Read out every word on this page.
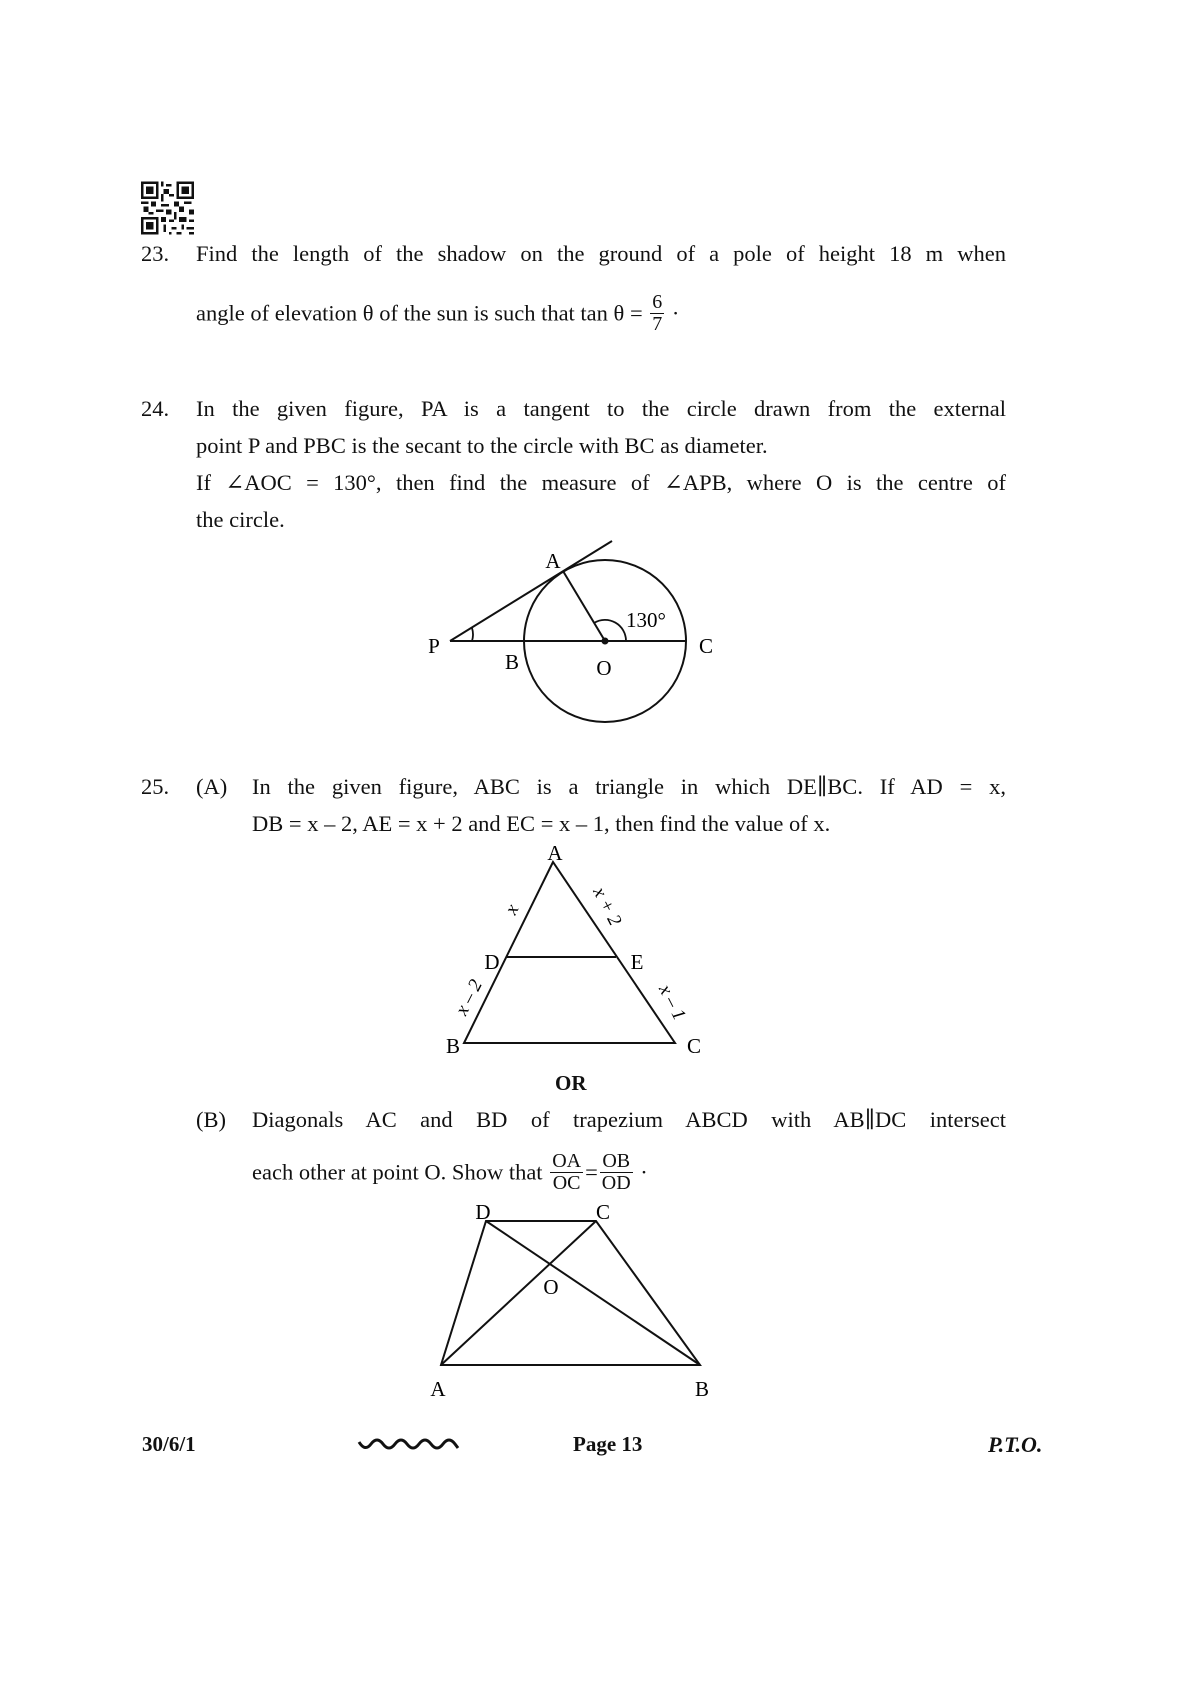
23. Find the length of the shadow on the ground of a pole of height 18 m when
angle of elevation θ of the sun is such that $\tan \theta = \frac{6}{7}$ ·
24. In the given figure, PA is a tangent to the circle drawn from the external
point P and PBC is the secant to the circle with BC as diameter.
If ∠AOC = 130°, then find the measure of ∠APB, where O is the centre of
the circle.
A
P
B	O
C
130°
25. (A) In the given figure, ABC is a triangle in which DE∥BC. If AD = x,
DB = x – 2, AE = x + 2 and EC = x – 1, then find the value of x.
A
D	E
B	C
x	x + 2
x – 2	x – 1
OR
(B) Diagonals AC and BD of trapezium ABCD with AB∥DC intersect
each other at point O. Show that $\frac{OA}{OC} = \frac{OB}{OD}$ ·
D	C
O
A	B
30/6/1	Page 13	P.T.O.
